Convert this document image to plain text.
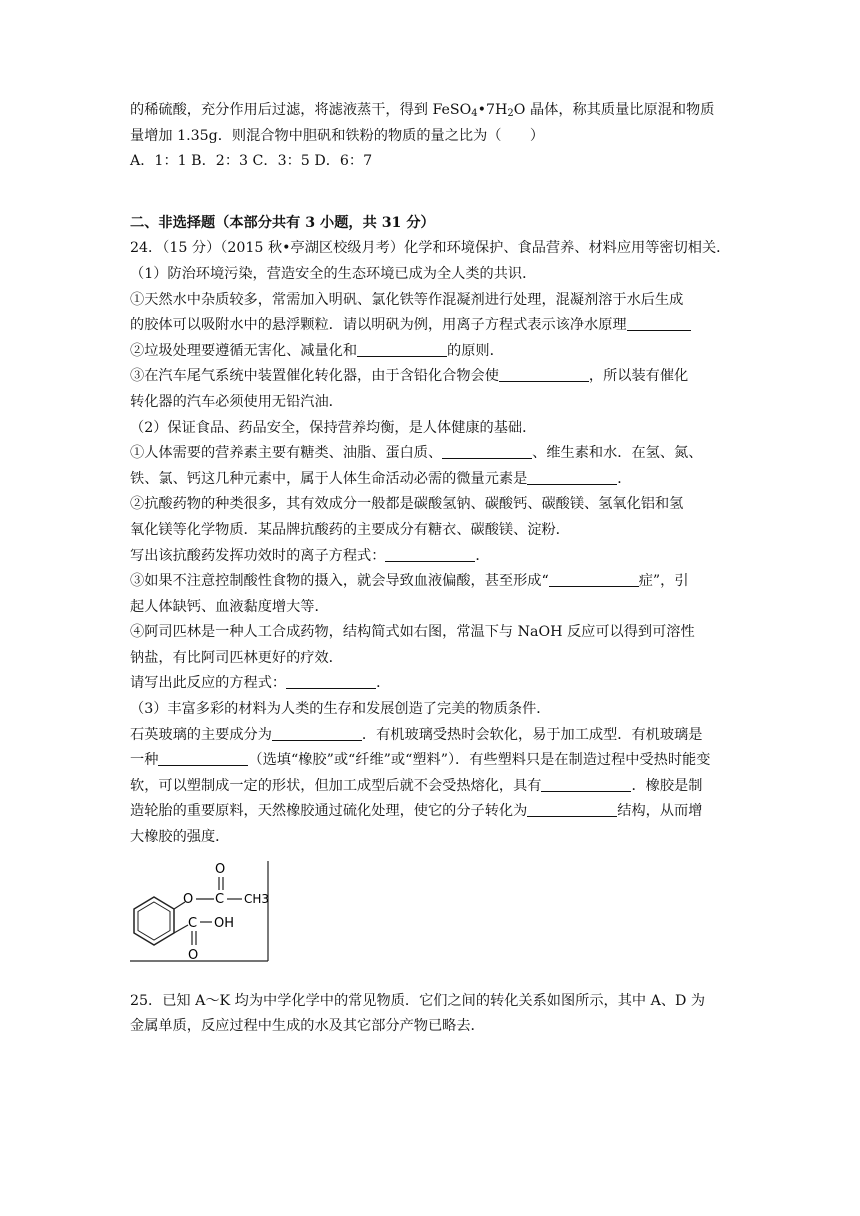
的稀硫酸，充分作用后过滤，将滤液蒸干，得到 $FeSO_4•7H_2O$ 晶体，称其质量比原混和物质
量增加 1.35g．则混合物中胆矾和铁粉的物质的量之比为（　　）
A．1：1 B．2：3 C．3：5 D．6：7
二、非选择题（本部分共有 3 小题，共 31 分）
24．（15 分）（2015 秋•亭湖区校级月考）化学和环境保护、食品营养、材料应用等密切相关．
（1）防治环境污染，营造安全的生态环境已成为全人类的共识．
①天然水中杂质较多，常需加入明矾、氯化铁等作混凝剂进行处理，混凝剂溶于水后生成
的胶体可以吸附水中的悬浮颗粒．请以明矾为例，用离子方程式表示该净水原理
②垃圾处理要遵循无害化、减量化和	的原则．
③在汽车尾气系统中装置催化转化器，由于含铅化合物会使	，所以装有催化
转化器的汽车必须使用无铅汽油．
（2）保证食品、药品安全，保持营养均衡，是人体健康的基础．
①人体需要的营养素主要有糖类、油脂、蛋白质、	、维生素和水．在氢、氮、
铁、氯、钙这几种元素中，属于人体生命活动必需的微量元素是	．
②抗酸药物的种类很多，其有效成分一般都是碳酸氢钠、碳酸钙、碳酸镁、氢氧化铝和氢
氧化镁等化学物质．某品牌抗酸药的主要成分有糖衣、碳酸镁、淀粉．
写出该抗酸药发挥功效时的离子方程式：	．
③如果不注意控制酸性食物的摄入，就会导致血液偏酸，甚至形成“	症”，引
起人体缺钙、血液黏度增大等．
④阿司匹林是一种人工合成药物，结构简式如右图，常温下与 NaOH 反应可以得到可溶性
钠盐，有比阿司匹林更好的疗效．
请写出此反应的方程式：	．
（3）丰富多彩的材料为人类的生存和发展创造了完美的物质条件．
石英玻璃的主要成分为	．有机玻璃受热时会软化，易于加工成型．有机玻璃是
一种	（选填“橡胶”或“纤维”或“塑料”）．有些塑料只是在制造过程中受热时能变
软，可以塑制成一定的形状，但加工成型后就不会受热熔化，具有	．橡胶是制
造轮胎的重要原料，天然橡胶通过硫化处理，使它的分子转化为	结构，从而增
大橡胶的强度．
O C
O
CH3
C OH
O
25．已知 A～K 均为中学化学中的常见物质．它们之间的转化关系如图所示，其中 A、D 为
金属单质，反应过程中生成的水及其它部分产物已略去．
